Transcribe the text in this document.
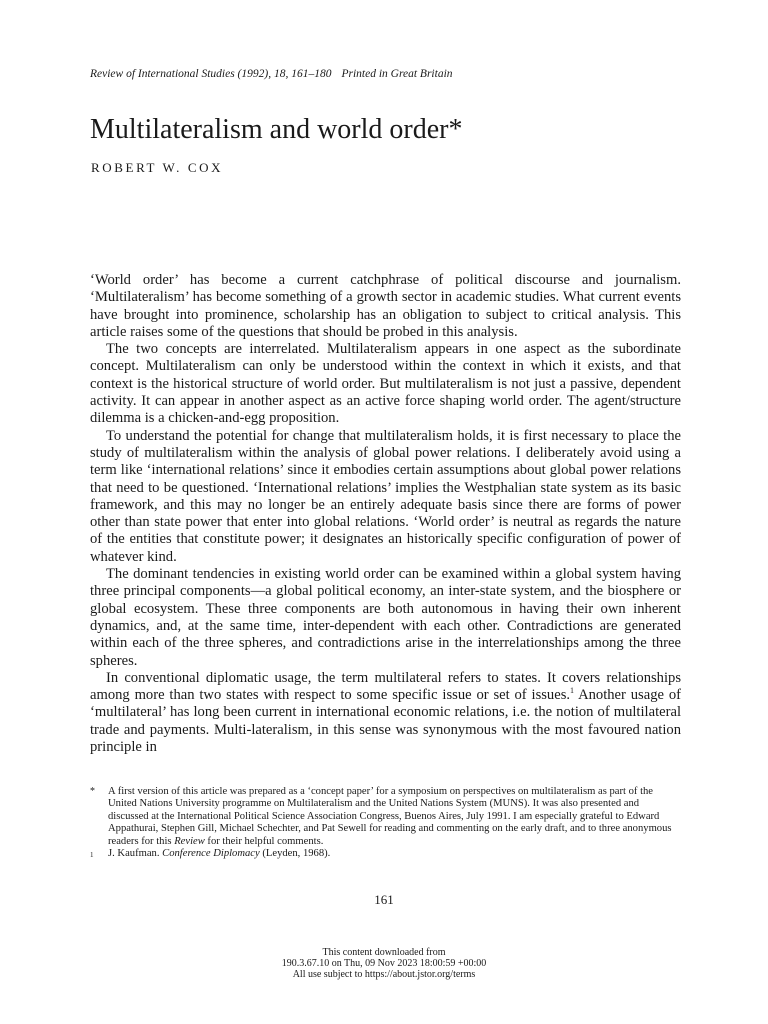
Review of International Studies (1992), 18, 161–180 Printed in Great Britain
Multilateralism and world order*
ROBERT W. COX

‘World order’ has become a current catchphrase of political discourse and journalism. ‘Multilateralism’ has become something of a growth sector in academic studies. What current events have brought into prominence, scholarship has an obligation to subject to critical analysis. This article raises some of the questions that should be probed in this analysis.

The two concepts are interrelated. Multilateralism appears in one aspect as the subordinate concept. Multilateralism can only be understood within the context in which it exists, and that context is the historical structure of world order. But multilateralism is not just a passive, dependent activity. It can appear in another aspect as an active force shaping world order. The agent/structure dilemma is a chicken-and-egg proposition.

To understand the potential for change that multilateralism holds, it is first necessary to place the study of multilateralism within the analysis of global power relations. I deliberately avoid using a term like ‘international relations’ since it embodies certain assumptions about global power relations that need to be questioned. ‘International relations’ implies the Westphalian state system as its basic framework, and this may no longer be an entirely adequate basis since there are forms of power other than state power that enter into global relations. ‘World order’ is neutral as regards the nature of the entities that constitute power; it designates an historically specific configuration of power of whatever kind.

The dominant tendencies in existing world order can be examined within a global system having three principal components—a global political economy, an inter-state system, and the biosphere or global ecosystem. These three components are both autonomous in having their own inherent dynamics, and, at the same time, inter-dependent with each other. Contradictions are generated within each of the three spheres, and contradictions arise in the interrelationships among the three spheres.

In conventional diplomatic usage, the term multilateral refers to states. It covers relationships among more than two states with respect to some specific issue or set of issues.$^1$ Another usage of ‘multilateral’ has long been current in international economic relations, i.e. the notion of multilateral trade and payments. Multi-lateralism, in this sense was synonymous with the most favoured nation principle in

*	A first version of this article was prepared as a ‘concept paper’ for a symposium on perspectives on multilateralism as part of the United Nations University programme on Multilateralism and the United Nations System (MUNS). It was also presented and discussed at the International Political Science Association Congress, Buenos Aires, July 1991. I am especially grateful to Edward Appathurai, Stephen Gill, Michael Schechter, and Pat Sewell for reading and commenting on the early draft, and to three anonymous readers for this Review for their helpful comments.
1	J. Kaufman. Conference Diplomacy (Leyden, 1968).
161
This content downloaded from
190.3.67.10 on Thu, 09 Nov 2023 18:00:59 +00:00
All use subject to https://about.jstor.org/terms
